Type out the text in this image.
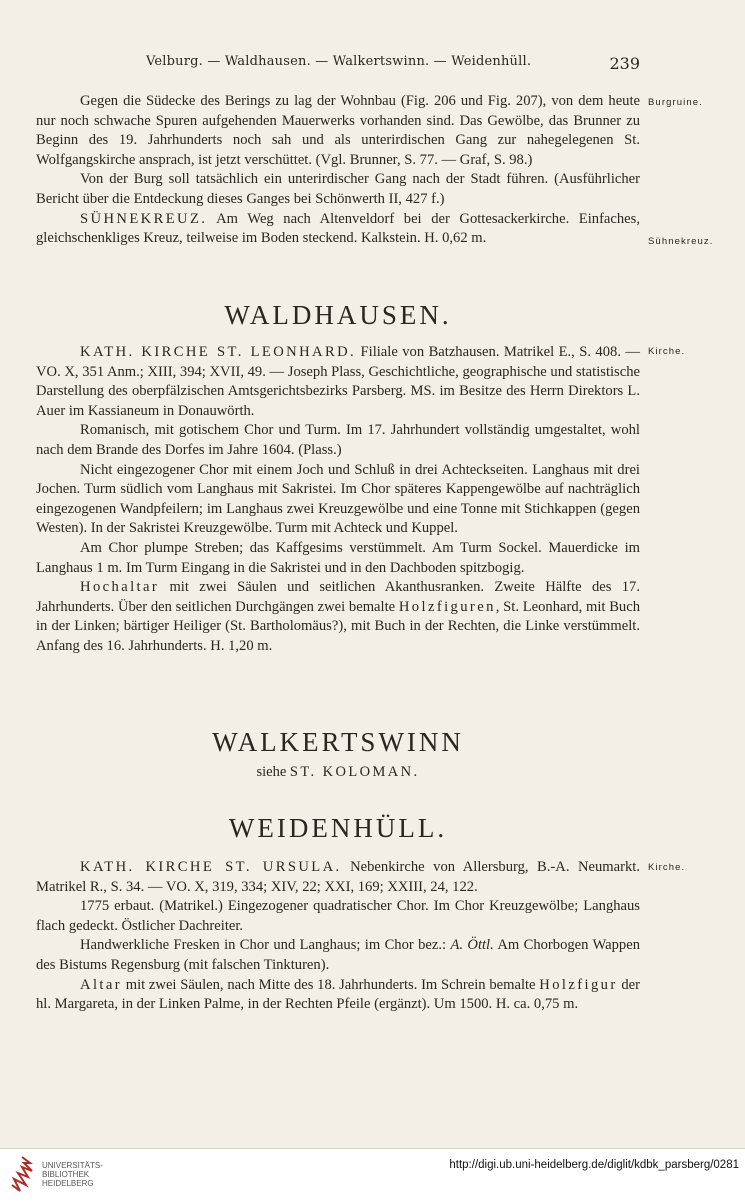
Velburg. — Waldhausen. — Walkertswinn. — Weidenhüll.	239
Burgruine.
Sühnekreuz.
Kirche.
Kirche.

Gegen die Südecke des Berings zu lag der Wohnbau (Fig. 206 und Fig. 207), von dem heute nur noch schwache Spuren aufgehenden Mauerwerks vorhanden sind. Das Gewölbe, das Brunner zu Beginn des 19. Jahrhunderts noch sah und als unterirdischen Gang zur nahegelegenen St. Wolfgangskirche ansprach, ist jetzt verschüttet. (Vgl. Brunner, S. 77. — Graf, S. 98.)

Von der Burg soll tatsächlich ein unterirdischer Gang nach der Stadt führen. (Ausführlicher Bericht über die Entdeckung dieses Ganges bei Schönwerth II, 427 f.)

SÜHNEKREUZ. Am Weg nach Altenveldorf bei der Gottesackerkirche. Einfaches, gleichschenkliges Kreuz, teilweise im Boden steckend. Kalkstein. H. 0,62 m.

WALDHAUSEN.

KATH. KIRCHE ST. LEONHARD. Filiale von Batzhausen. Matrikel E., S. 408. — VO. X, 351 Anm.; XIII, 394; XVII, 49. — Joseph Plass, Geschichtliche, geographische und statistische Darstellung des oberpfälzischen Amtsgerichtsbezirks Parsberg. MS. im Besitze des Herrn Direktors L. Auer im Kassianeum in Donauwörth.

Romanisch, mit gotischem Chor und Turm. Im 17. Jahrhundert vollständig umgestaltet, wohl nach dem Brande des Dorfes im Jahre 1604. (Plass.)

Nicht eingezogener Chor mit einem Joch und Schluß in drei Achteckseiten. Langhaus mit drei Jochen. Turm südlich vom Langhaus mit Sakristei. Im Chor späteres Kappengewölbe auf nachträglich eingezogenen Wandpfeilern; im Langhaus zwei Kreuzgewölbe und eine Tonne mit Stichkappen (gegen Westen). In der Sakristei Kreuzgewölbe. Turm mit Achteck und Kuppel.

Am Chor plumpe Streben; das Kaffgesims verstümmelt. Am Turm Sockel. Mauerdicke im Langhaus 1 m. Im Turm Eingang in die Sakristei und in den Dachboden spitzbogig.

Hochaltar mit zwei Säulen und seitlichen Akanthusranken. Zweite Hälfte des 17. Jahrhunderts. Über den seitlichen Durchgängen zwei bemalte Holzfiguren, St. Leonhard, mit Buch in der Linken; bärtiger Heiliger (St. Bartholomäus?), mit Buch in der Rechten, die Linke verstümmelt. Anfang des 16. Jahrhunderts. H. 1,20 m.

WALKERTSWINN
siehe ST. KOLOMAN.
WEIDENHÜLL.

KATH. KIRCHE ST. URSULA. Nebenkirche von Allersburg, B.-A. Neumarkt. Matrikel R., S. 34. — VO. X, 319, 334; XIV, 22; XXI, 169; XXIII, 24, 122.

1775 erbaut. (Matrikel.) Eingezogener quadratischer Chor. Im Chor Kreuzgewölbe; Langhaus flach gedeckt. Östlicher Dachreiter.

Handwerkliche Fresken in Chor und Langhaus; im Chor bez.: A. Öttl. Am Chorbogen Wappen des Bistums Regensburg (mit falschen Tinkturen).

Altar mit zwei Säulen, nach Mitte des 18. Jahrhunderts. Im Schrein bemalte Holzfigur der hl. Margareta, in der Linken Palme, in der Rechten Pfeile (ergänzt). Um 1500. H. ca. 0,75 m.

UNIVERSITÄTS-
BIBLIOTHEK
HEIDELBERG
http://digi.ub.uni-heidelberg.de/diglit/kdbk_parsberg/0281
